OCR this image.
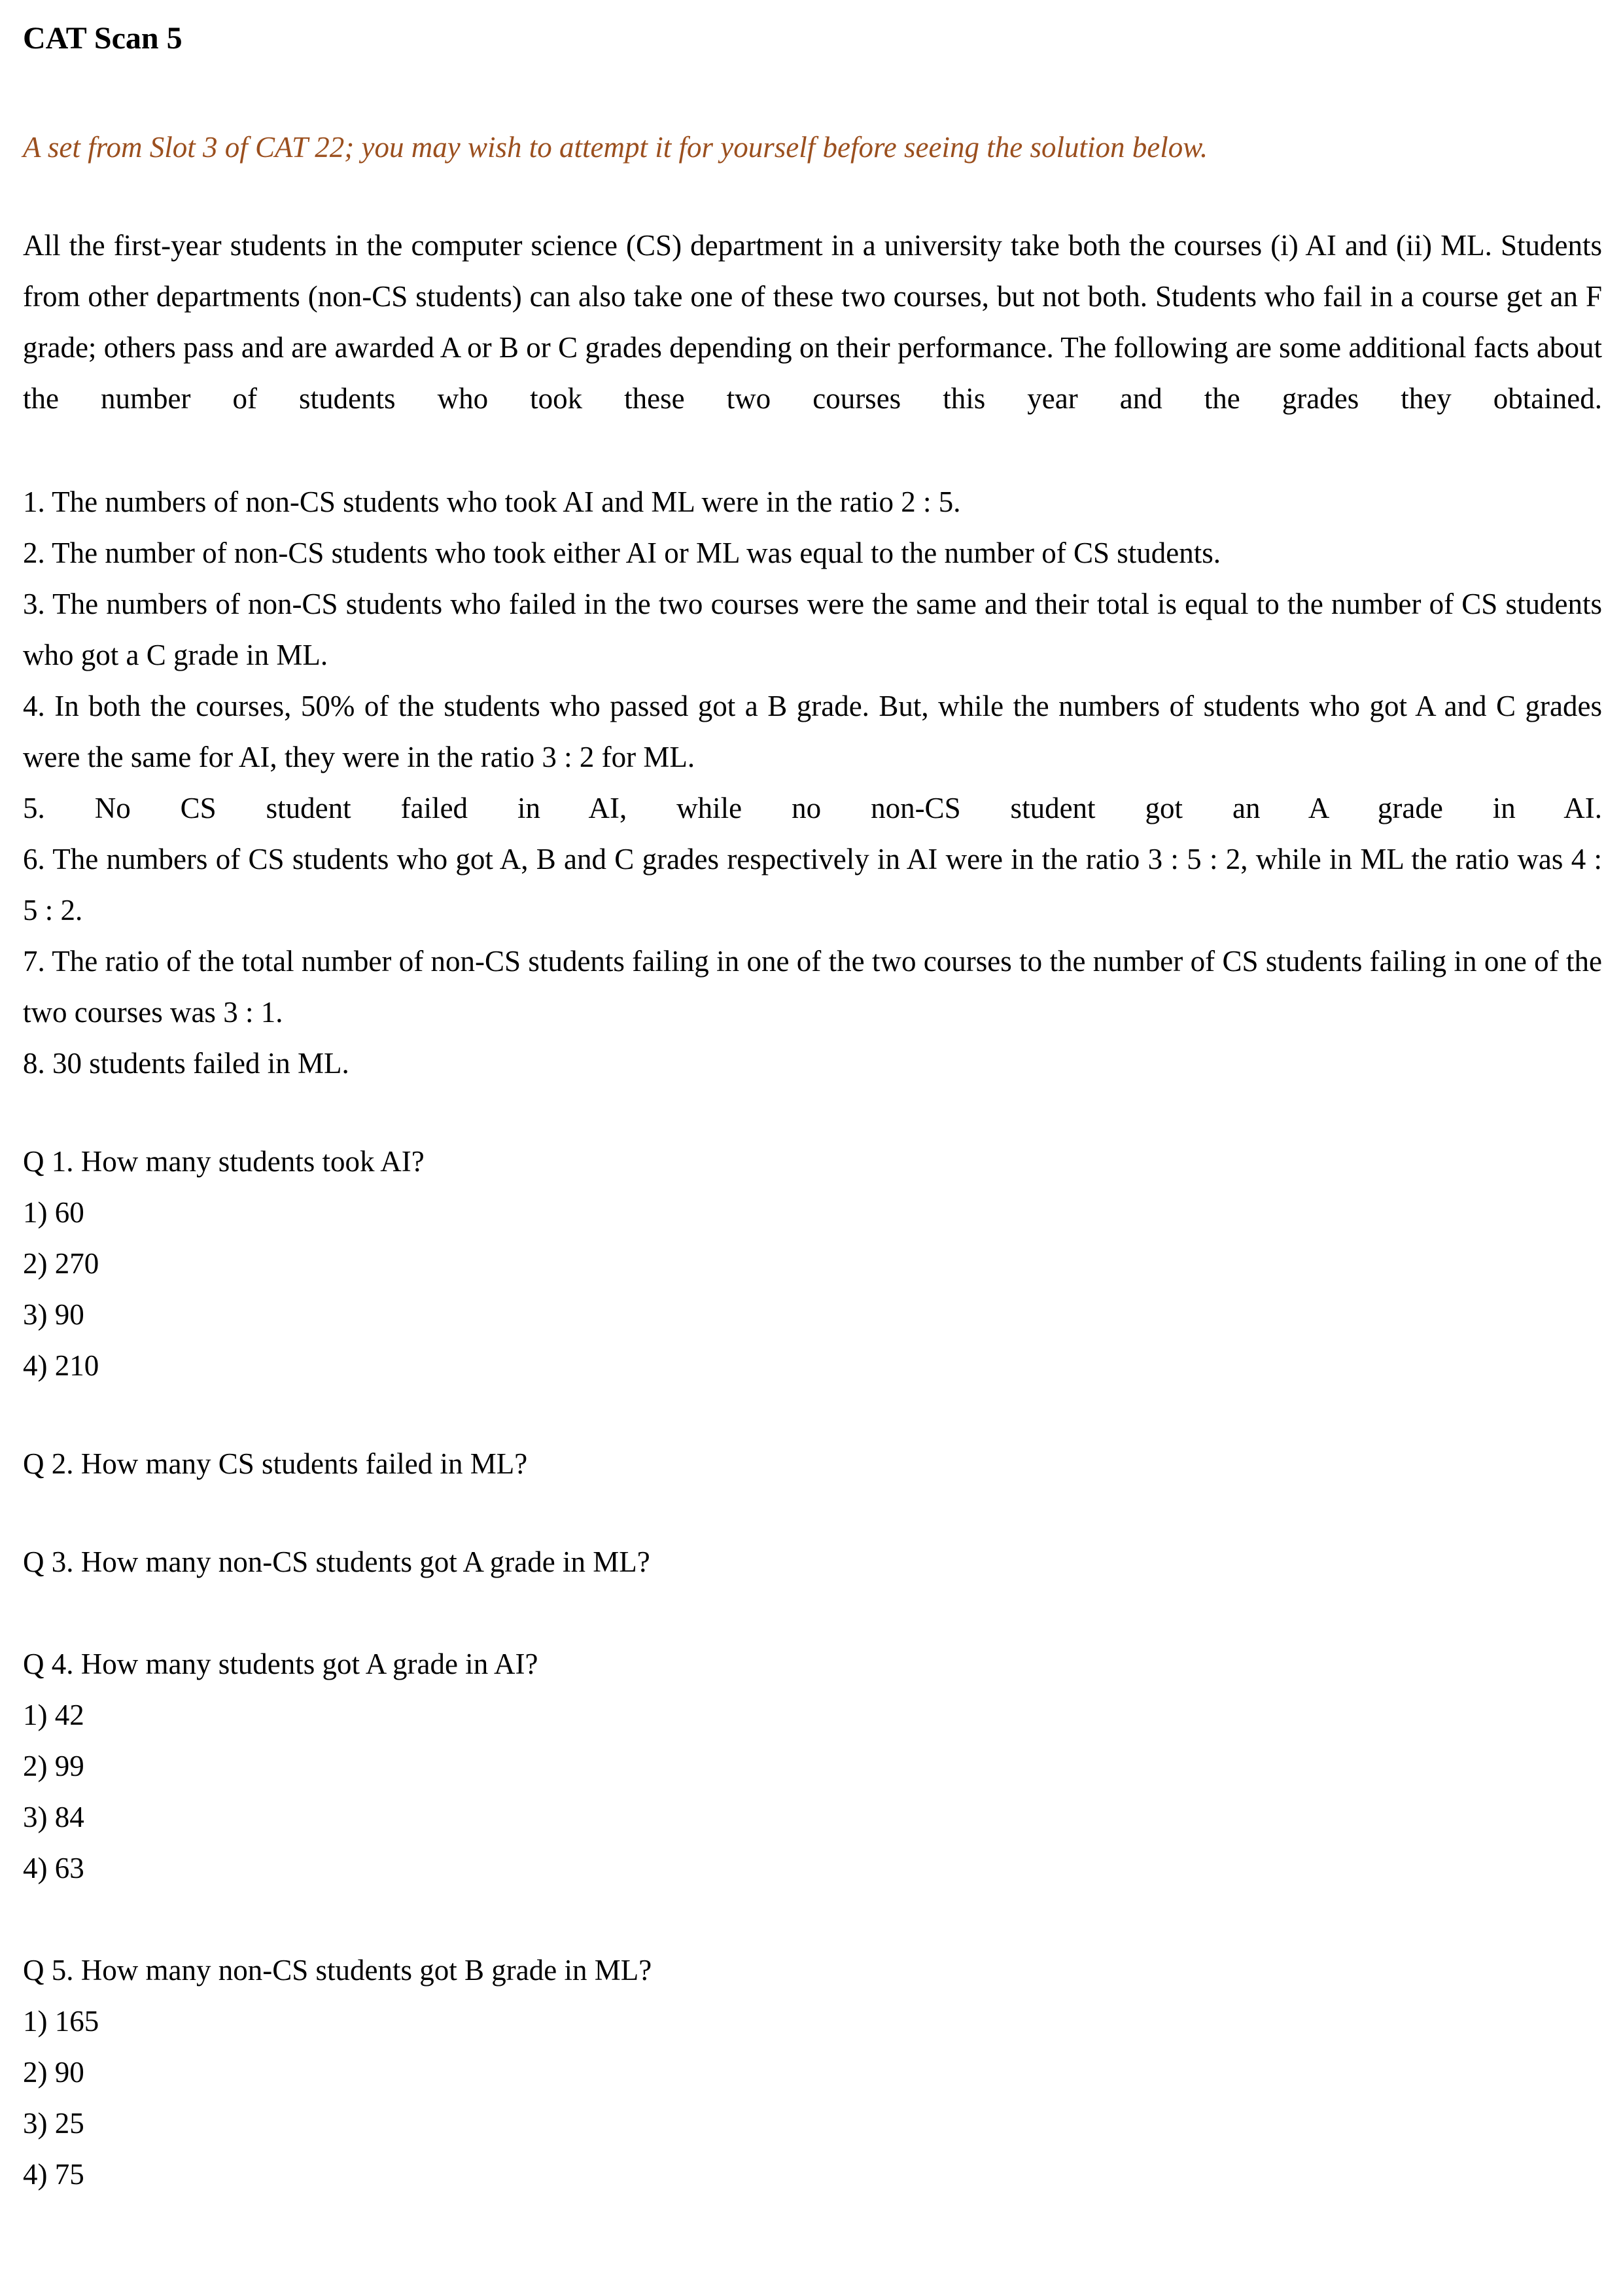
CAT Scan 5

A set from Slot 3 of CAT 22; you may wish to attempt it for yourself before seeing the solution below.

All the first-year students in the computer science (CS) department in a university take both the courses (i) AI and (ii) ML. Students from other departments (non-CS students) can also take one of these two courses, but not both. Students who fail in a course get an F grade; others pass and are awarded A or B or C grades depending on their performance. The following are some additional facts about the number of students who took these two courses this year and the grades they obtained.

1. The numbers of non-CS students who took AI and ML were in the ratio 2 : 5.

2. The number of non-CS students who took either AI or ML was equal to the number of CS students.

3. The numbers of non-CS students who failed in the two courses were the same and their total is equal to the number of CS students who got a C grade in ML.

4. In both the courses, 50% of the students who passed got a B grade. But, while the numbers of students who got A and C grades were the same for AI, they were in the ratio 3 : 2 for ML.

5. No CS student failed in AI, while no non-CS student got an A grade in AI.

6. The numbers of CS students who got A, B and C grades respectively in AI were in the ratio 3 : 5 : 2, while in ML the ratio was 4 : 5 : 2.

7. The ratio of the total number of non-CS students failing in one of the two courses to the number of CS students failing in one of the two courses was 3 : 1.

8. 30 students failed in ML.

Q 1. How many students took AI?

1) 60

2) 270

3) 90

4) 210

Q 2. How many CS students failed in ML?

Q 3. How many non-CS students got A grade in ML?

Q 4. How many students got A grade in AI?

1) 42

2) 99

3) 84

4) 63

Q 5. How many non-CS students got B grade in ML?

1) 165

2) 90

3) 25

4) 75
